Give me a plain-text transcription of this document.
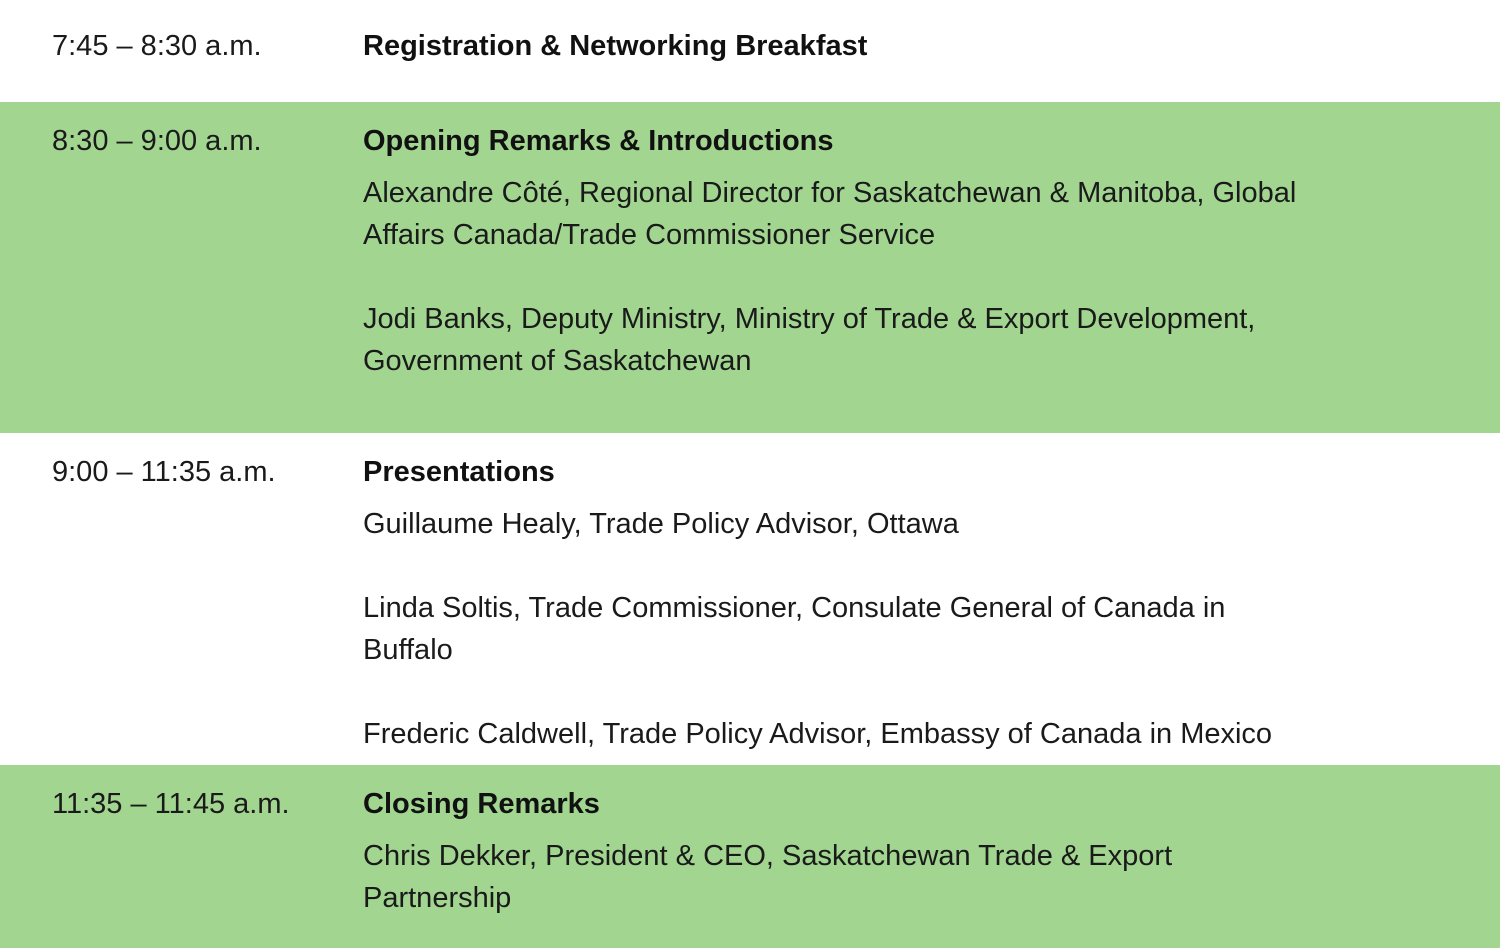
7:45 – 8:30 a.m.	Registration & Networking Breakfast
8:30 – 9:00 a.m.	Opening Remarks & Introductions
Alexandre Côté, Regional Director for Saskatchewan & Manitoba, Global
Affairs Canada/Trade Commissioner Service
Jodi Banks, Deputy Ministry, Ministry of Trade & Export Development,
Government of Saskatchewan
9:00 – 11:35 a.m.	Presentations
Guillaume Healy, Trade Policy Advisor, Ottawa
Linda Soltis, Trade Commissioner, Consulate General of Canada in
Buffalo
Frederic Caldwell, Trade Policy Advisor, Embassy of Canada in Mexico
11:35 – 11:45 a.m.	Closing Remarks
Chris Dekker, President & CEO, Saskatchewan Trade & Export
Partnership
